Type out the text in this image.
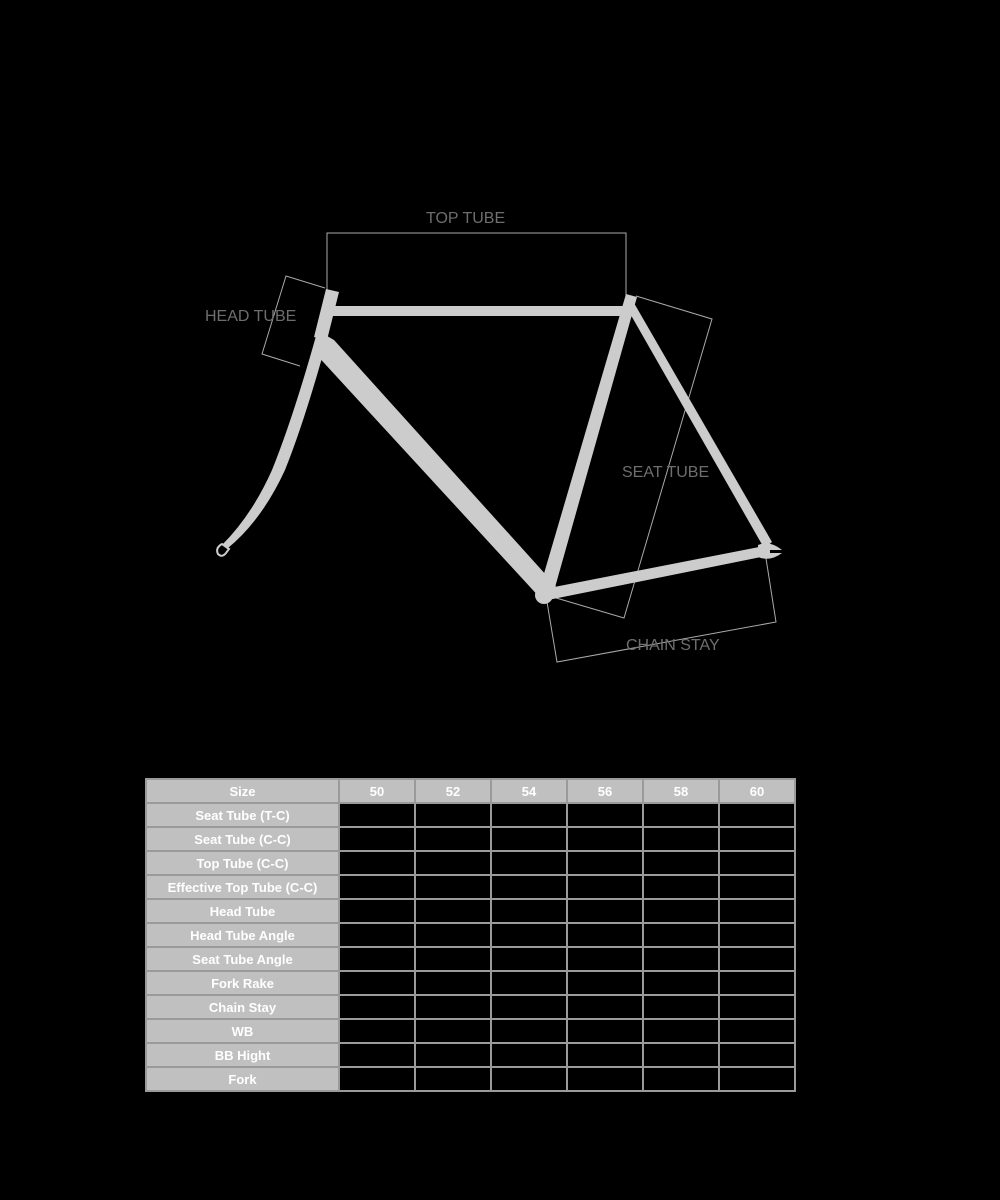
TOP TUBE
HEAD TUBE
SEAT TUBE
CHAIN STAY
Size	50	52	54	56	58	60
Seat Tube (T-C)						
Seat Tube (C-C)						
Top Tube (C-C)						
Effective Top Tube (C-C)						
Head Tube						
Head Tube Angle						
Seat Tube Angle						
Fork Rake						
Chain Stay						
WB						
BB Hight						
Fork						
